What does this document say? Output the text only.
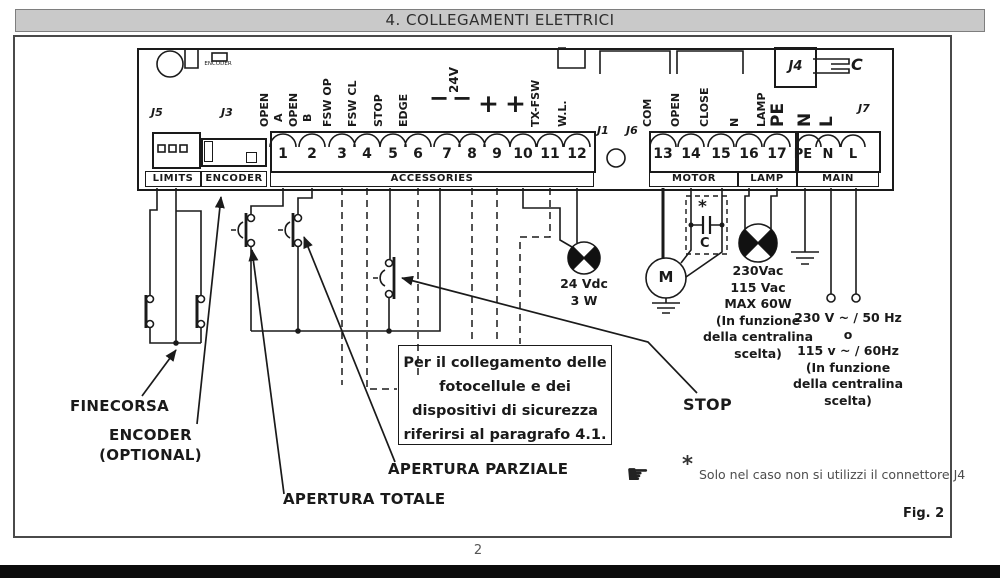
4. COLLEGAMENTI ELETTRICI
J4
LIMITS	ENCODER	ACCESSORIES	MOTOR	LAMP	MAIN
J5	J3
J1 J6
J7
ENCODER
1	2	3	4	5	6	7	8	9 10 11 12	13 14 15 16 17 PE N	L
OPEN A OPEN B FSW OP FSW CL STOP EDGE	TX-FSW W.L.
24V
− − + +	COM OPEN CLOSE N LAMP PE N L
C
M
*
C
24 Vdc
3 W
230Vac
115 Vac
MAX 60W
(In funzione
della centralina
scelta)
230 V ~ / 50 Hz
o
115 v ~ / 60Hz
(In funzione
della centralina
scelta)
FINECORSA
ENCODER
(OPTIONAL)
APERTURA TOTALE
APERTURA PARZIALE
STOP
Per il collegamento delle
fotocellule e dei
dispositivi di sicurezza
riferirsi al paragrafo 4.1.
☛ * Solo nel caso non si utilizzi il connettore J4
Fig. 2
2
